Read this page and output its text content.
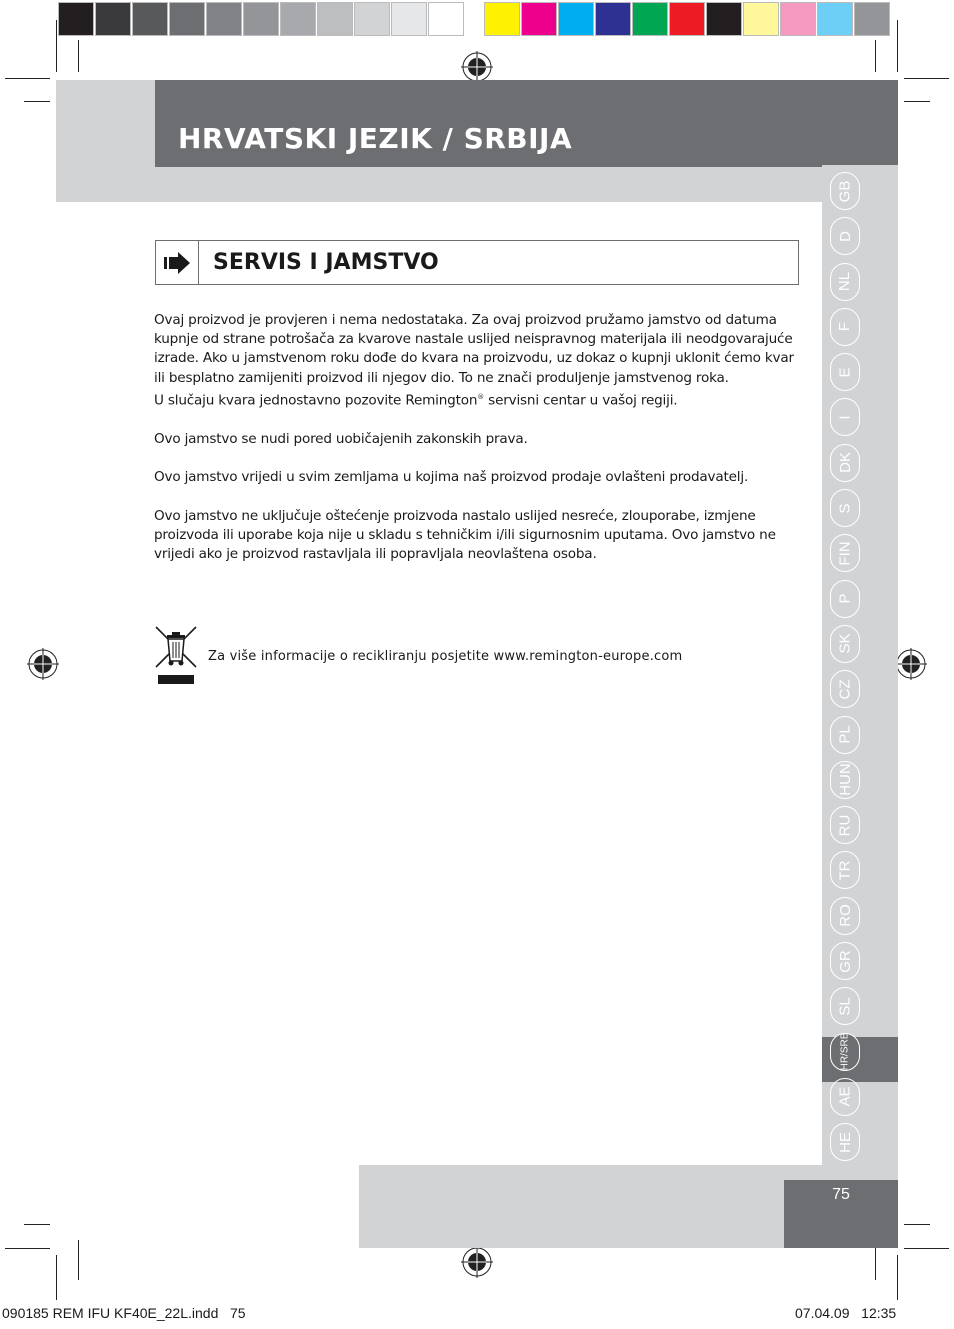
HRVATSKI JEZIK / SRBIJA
GB
D
NL
F
E
I
DK
S
FIN
P
SK
CZ
PL
HUN
RU
TR
RO
GR
SL
HR/SRB
AE
HE
75
SERVIS I JAMSTVO

Ovaj proizvod je provjeren i nema nedostataka. Za ovaj proizvod pružamo jamstvo od datuma kupnje od strane potrošača za kvarove nastale uslijed neispravnog materijala ili neodgovarajuće izrade. Ako u jamstvenom roku dođe do kvara na proizvodu, uz dokaz o kupnji uklonit ćemo kvar ili besplatno zamijeniti proizvod ili njegov dio. To ne znači produljenje jamstvenog roka.
U slučaju kvara jednostavno pozovite Remington® servisni centar u vašoj regiji.

Ovo jamstvo se nudi pored uobičajenih zakonskih prava.

Ovo jamstvo vrijedi u svim zemljama u kojima naš proizvod prodaje ovlašteni prodavatelj.

Ovo jamstvo ne uključuje oštećenje proizvoda nastalo uslijed nesreće, zlouporabe, izmjene proizvoda ili uporabe koja nije u skladu s tehničkim i/ili sigurnosnim uputama. Ovo jamstvo ne vrijedi ako je proizvod rastavljala ili popravljala neovlaštena osoba.

Za više informacije o recikliranju posjetite www.remington-europe.com
090185 REM IFU KF40E_22L.indd   75	07.04.09   12:35
